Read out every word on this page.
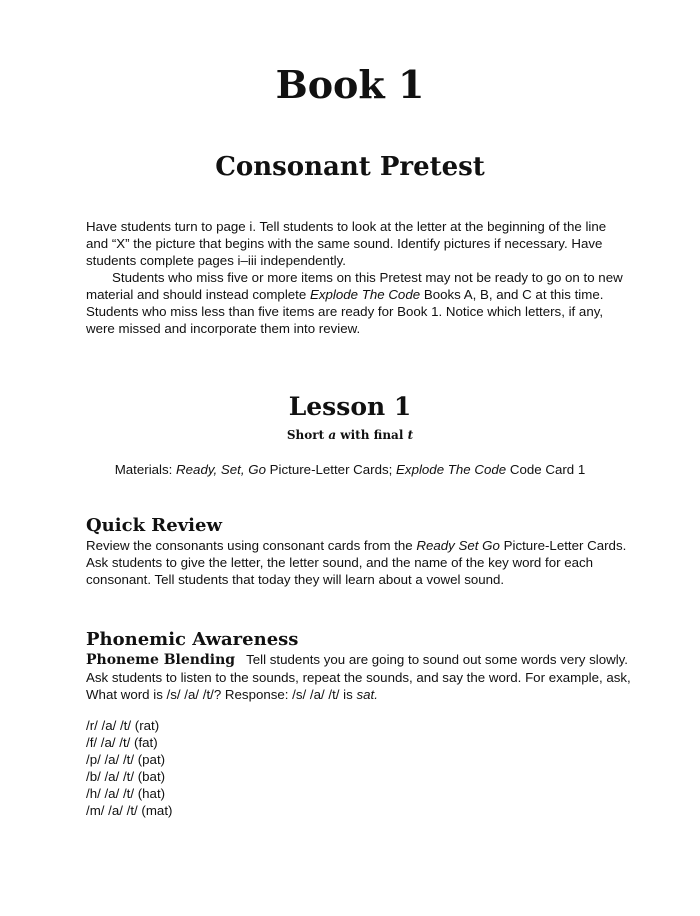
Book 1
Consonant Pretest

Have students turn to page i. Tell students to look at the letter at the beginning of the line and “X” the picture that begins with the same sound. Identify pictures if necessary. Have students complete pages i–iii independently.

Students who miss five or more items on this Pretest may not be ready to go on to new material and should instead complete Explode The Code Books A, B, and C at this time. Students who miss less than five items are ready for Book 1. Notice which letters, if any, were missed and incorporate them into review.

Lesson 1
Short a with final t
Materials: Ready, Set, Go Picture-Letter Cards; Explode The Code Code Card 1
Quick Review

Review the consonants using consonant cards from the Ready Set Go Picture-Letter Cards. Ask students to give the letter, the letter sound, and the name of the key word for each consonant. Tell students that today they will learn about a vowel sound.

Phonemic Awareness

Phoneme Blending Tell students you are going to sound out some words very slowly. Ask students to listen to the sounds, repeat the sounds, and say the word. For example, ask, What word is /s/ /a/ /t/? Response: /s/ /a/ /t/ is sat.

/r/ /a/ /t/ (rat)
/f/ /a/ /t/ (fat)
/p/ /a/ /t/ (pat)
/b/ /a/ /t/ (bat)
/h/ /a/ /t/ (hat)
/m/ /a/ /t/ (mat)
